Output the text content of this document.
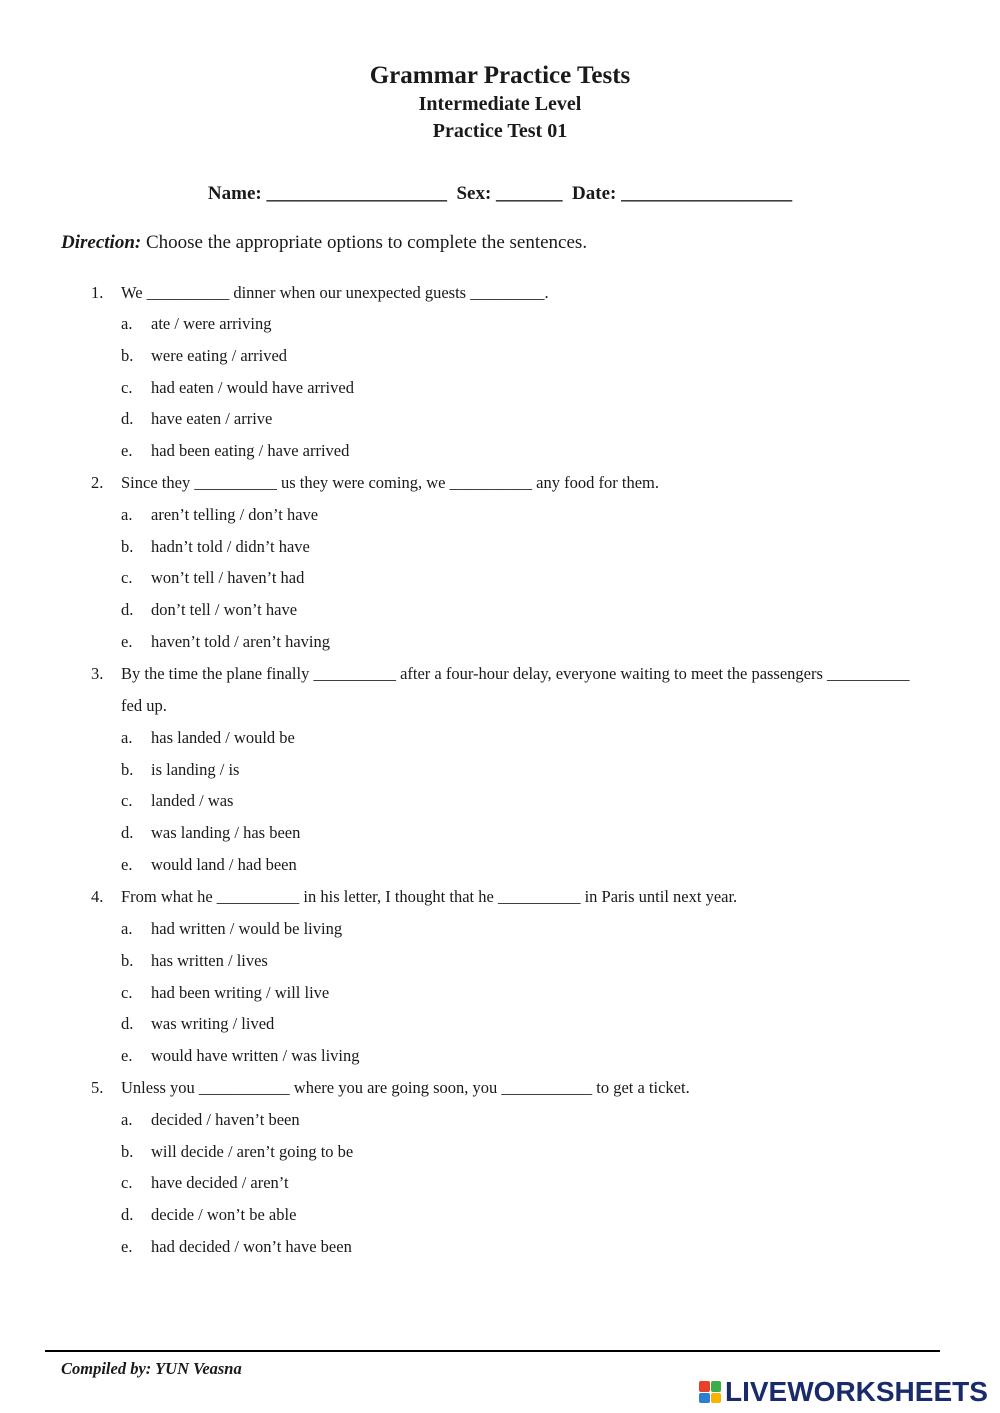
Grammar Practice Tests
Intermediate Level
Practice Test 01
Name: ___________________  Sex: _______  Date: __________________
Direction: Choose the appropriate options to complete the sentences.
1. We __________ dinner when our unexpected guests _________.
a. ate / were arriving
b. were eating / arrived
c. had eaten / would have arrived
d. have eaten / arrive
e. had been eating / have arrived
2. Since they __________ us they were coming, we __________ any food for them.
a. aren’t telling / don’t have
b. hadn’t told / didn’t have
c. won’t tell / haven’t had
d. don’t tell / won’t have
e. haven’t told / aren’t having
3. By the time the plane finally __________ after a four-hour delay, everyone waiting to meet the passengers __________ fed up.
a. has landed / would be
b. is landing / is
c. landed / was
d. was landing / has been
e. would land / had been
4. From what he __________ in his letter, I thought that he __________ in Paris until next year.
a. had written / would be living
b. has written / lives
c. had been writing / will live
d. was writing / lived
e. would have written / was living
5. Unless you ___________ where you are going soon, you ___________ to get a ticket.
a. decided / haven’t been
b. will decide / aren’t going to be
c. have decided / aren’t
d. decide / won’t be able
e. had decided / won’t have been
Compiled by: YUN Veasna
LIVEWORKSHEETS
